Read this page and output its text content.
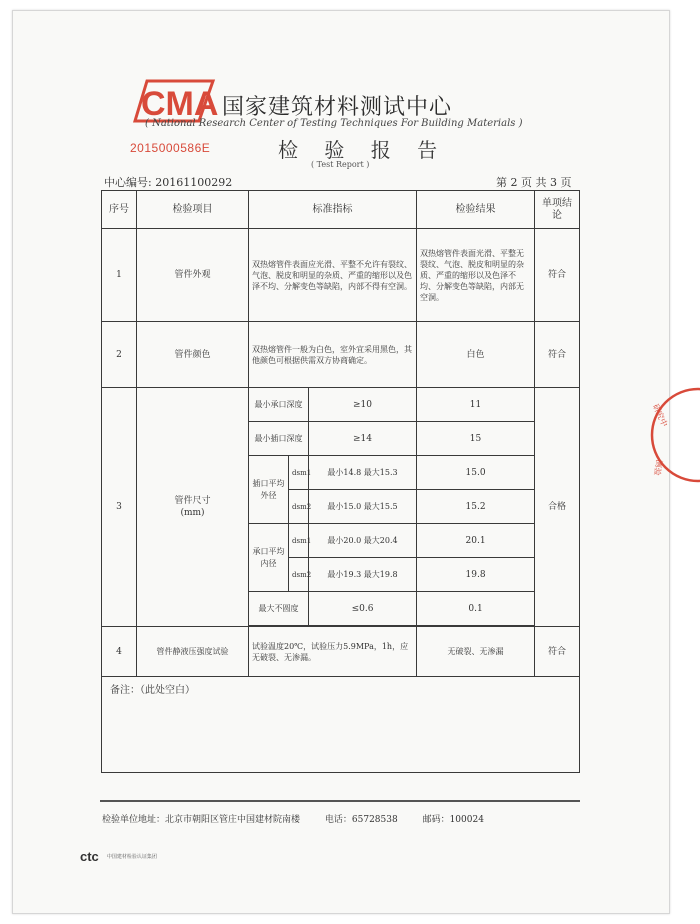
CMA 国家建筑材料测试中心
( National Research Center of Testing Techniques For Building Materials )
2015000586E	检 验 报 告
( Test Report )
中心编号: 20161100292	第 2 页 共 3 页
序号	检验项目	标准指标			检验结果	单项结论
1	管件外观	双热熔管件表面应光滑、平整不允许有裂纹、气泡、脱皮和明显的杂质、严重的缩形以及色泽不均、分解变色等缺陷，内部不得有空洞。			双热熔管件表面光滑、平整无裂纹、气泡、脱皮和明显的杂质、严重的缩形以及色泽不均、分解变色等缺陷，内部无空洞。	符合
2	管件颜色	双热熔管件一般为白色，室外宜采用黑色，其他颜色可根据供需双方协商确定。			白色	符合
3	管件尺寸
(mm)	最小承口深度		≥10	11	合格
		最小插口深度		≥14	15	
		插口平均外径	dsm1	最小14.8 最大15.3	15.0	
			dsm2	最小15.0 最大15.5	15.2	
		承口平均内径	dsm1	最小20.0 最大20.4	20.1	
			dsm2	最小19.3 最大19.8	19.8	
		最大不圆度		≤0.6	0.1	

4	管件静液压强度试验	试验温度20℃，试验压力5.9MPa，1h，应无破裂、无渗漏。			无破裂、无渗漏	符合
备注：（此处空白）						
检验单位地址：北京市朝阳区管庄中国建材院南楼	电话：65728538	邮码：100024
ctc 中国建材检验认证集团
研究中
测验
